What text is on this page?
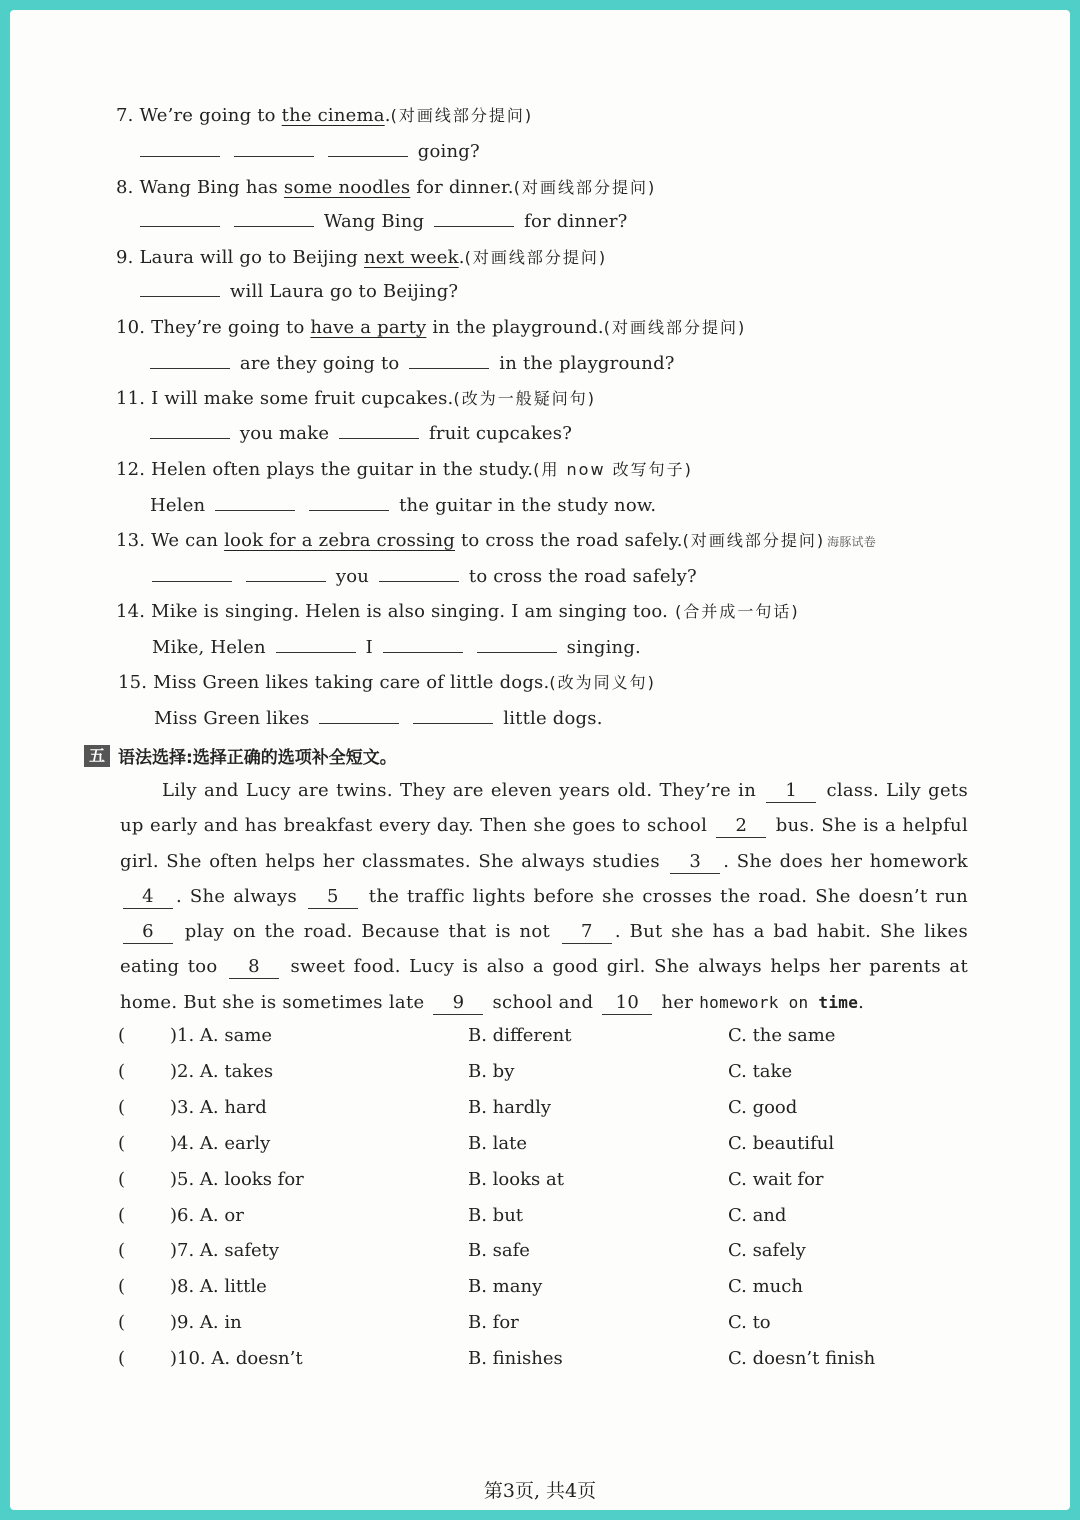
7. We’re going to the cinema.(对画线部分提问)
going?
8. Wang Bing has some noodles for dinner.(对画线部分提问)
Wang Bing	for dinner?
9. Laura will go to Beijing next week.(对画线部分提问)
will Laura go to Beijing?
10. They’re going to have a party in the playground.(对画线部分提问)
are they going to	in the playground?
11. I will make some fruit cupcakes.(改为一般疑问句)
you make	fruit cupcakes?
12. Helen often plays the guitar in the study.(用 now 改写句子)
Helen	the guitar in the study now.
13. We can look for a zebra crossing to cross the road safely.(对画线部分提问) 海豚试卷
you	to cross the road safely?
14. Mike is singing. Helen is also singing. I am singing too. (合并成一句话)
Mike, Helen	I	singing.
15. Miss Green likes taking care of little dogs.(改为同义句)
Miss Green likes	little dogs.
五 语法选择:选择正确的选项补全短文。
Lily and Lucy are twins. They are eleven years old. They’re in 1 class. Lily gets up early and has breakfast every day. Then she goes to school 2 bus. She is a helpful girl. She often helps her classmates. She always studies 3 . She does her homework 4 . She always 5 the traffic lights before she crosses the road. She doesn’t run 6 play on the road. Because that is not 7 . But she has a bad habit. She likes eating too 8 sweet food. Lucy is also a good girl. She always helps her parents at home. But she is sometimes late 9 school and 10 her homework on time.
( )1. A. same	B. different	C. the same
( )2. A. takes	B. by	C. take
( )3. A. hard	B. hardly	C. good
( )4. A. early	B. late	C. beautiful
( )5. A. looks for	B. looks at	C. wait for
( )6. A. or	B. but	C. and
( )7. A. safety	B. safe	C. safely
( )8. A. little	B. many	C. much
( )9. A. in	B. for	C. to
( )10. A. doesn’t	B. finishes	C. doesn’t finish
第3页, 共4页
